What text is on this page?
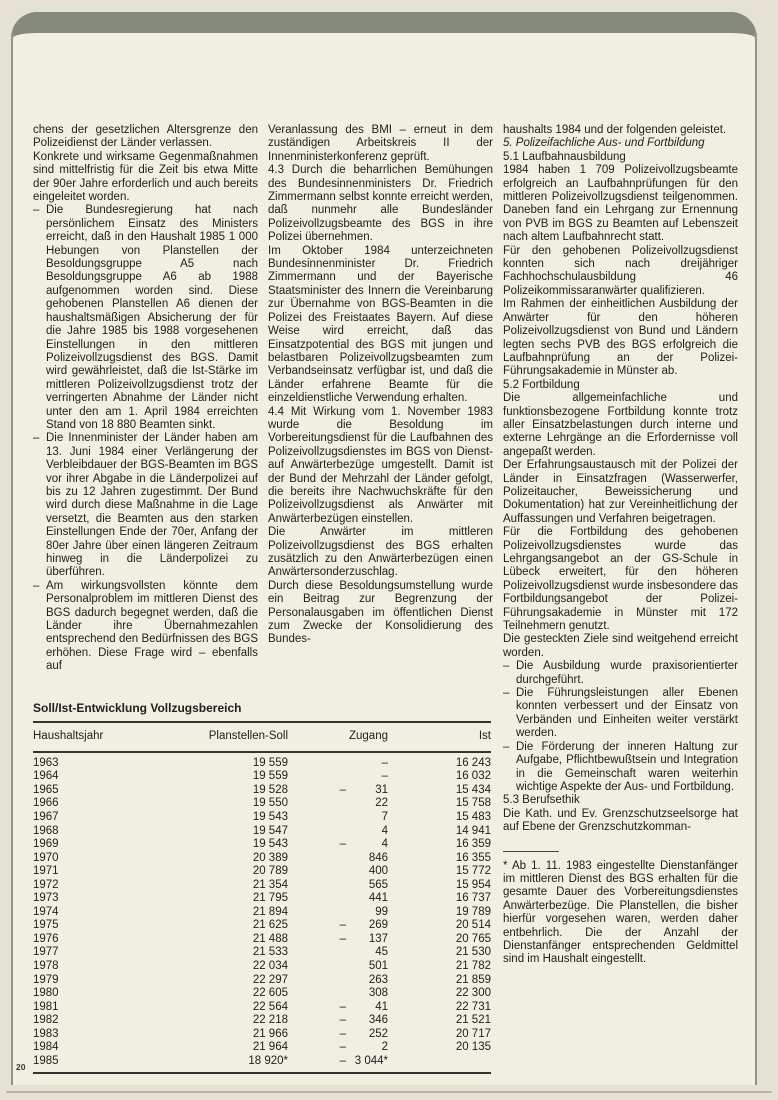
chens der gesetzlichen Altersgrenze den Polizeidienst der Länder verlassen.

Konkrete und wirksame Gegenmaßnahmen sind mittelfristig für die Zeit bis etwa Mitte der 90er Jahre erforderlich und auch bereits eingeleitet worden.

– Die Bundesregierung hat nach persönlichem Einsatz des Ministers erreicht, daß in den Haushalt 1985 1 000 Hebungen von Planstellen der Besoldungsgruppe A5 nach Besoldungsgruppe A6 ab 1988 aufgenommen worden sind. Diese gehobenen Planstellen A6 dienen der haushaltsmäßigen Absicherung der für die Jahre 1985 bis 1988 vorgesehenen Einstellungen in den mittleren Polizeivollzugsdienst des BGS. Damit wird gewährleistet, daß die Ist-Stärke im mittleren Polizeivollzugsdienst trotz der verringerten Abnahme der Länder nicht unter den am 1. April 1984 erreichten Stand von 18 880 Beamten sinkt.
– Die Innenminister der Länder haben am 13. Juni 1984 einer Verlängerung der Verbleibdauer der BGS-Beamten im BGS vor ihrer Abgabe in die Länderpolizei auf bis zu 12 Jahren zugestimmt. Der Bund wird durch diese Maßnahme in die Lage versetzt, die Beamten aus den starken Einstellungen Ende der 70er, Anfang der 80er Jahre über einen längeren Zeitraum hinweg in die Länderpolizei zu überführen.
– Am wirkungsvollsten könnte dem Personalproblem im mittleren Dienst des BGS dadurch begegnet werden, daß die Länder ihre Übernahmezahlen entsprechend den Bedürfnissen des BGS erhöhen. Diese Frage wird – ebenfalls auf

Veranlassung des BMI – erneut in dem zuständigen Arbeitskreis II der Innenministerkonferenz geprüft.

4.3 Durch die beharrlichen Bemühungen des Bundesinnenministers Dr. Friedrich Zimmermann selbst konnte erreicht werden, daß nunmehr alle Bundesländer Polizeivollzugsbeamte des BGS in ihre Polizei übernehmen.

Im Oktober 1984 unterzeichneten Bundesinnenminister Dr. Friedrich Zimmermann und der Bayerische Staatsminister des Innern die Vereinbarung zur Übernahme von BGS-Beamten in die Polizei des Freistaates Bayern. Auf diese Weise wird erreicht, daß das Einsatzpotential des BGS mit jungen und belastbaren Polizeivollzugsbeamten zum Verbandseinsatz verfügbar ist, und daß die Länder erfahrene Beamte für die einzeldienstliche Verwendung erhalten.

4.4 Mit Wirkung vom 1. November 1983 wurde die Besoldung im Vorbereitungsdienst für die Laufbahnen des Polizeivollzugsdienstes im BGS von Dienst- auf Anwärterbezüge umgestellt. Damit ist der Bund der Mehrzahl der Länder gefolgt, die bereits ihre Nachwuchskräfte für den Polizeivollzugsdienst als Anwärter mit Anwärterbezügen einstellen.

Die Anwärter im mittleren Polizeivollzugsdienst des BGS erhalten zusätzlich zu den Anwärterbezügen einen Anwärtersonderzuschlag.

Durch diese Besoldungsumstellung wurde ein Beitrag zur Begrenzung der Personalausgaben im öffentlichen Dienst zum Zwecke der Konsolidierung des Bundes-

Soll/Ist-Entwicklung Vollzugsbereich
Haushaltsjahr	Planstellen-Soll	Zugang	Ist
1963	19 559	–	16 243
1964	19 559	–	16 032
1965	19 528	– 31	15 434
1966	19 550	22	15 758
1967	19 543	7	15 483
1968	19 547	4	14 941
1969	19 543	– 4	16 359
1970	20 389	846	16 355
1971	20 789	400	15 772
1972	21 354	565	15 954
1973	21 795	441	16 737
1974	21 894	99	19 789
1975	21 625	– 269	20 514
1976	21 488	– 137	20 765
1977	21 533	45	21 530
1978	22 034	501	21 782
1979	22 297	263	21 859
1980	22 605	308	22 300
1981	22 564	– 41	22 731
1982	22 218	– 346	21 521
1983	21 966	– 252	20 717
1984	21 964	– 2	20 135
1985	18 920*	– 3 044*	

haushalts 1984 und der folgenden geleistet.

5. Polizeifachliche Aus- und Fortbildung

5.1 Laufbahnausbildung

1984 haben 1 709 Polizeivollzugsbeamte erfolgreich an Laufbahnprüfungen für den mittleren Polizeivollzugsdienst teilgenommen. Daneben fand ein Lehrgang zur Ernennung von PVB im BGS zu Beamten auf Lebenszeit nach altem Laufbahnrecht statt.

Für den gehobenen Polizeivollzugsdienst konnten sich nach dreijähriger Fachhochschulausbildung 46 Polizeikommissaranwärter qualifizieren.

Im Rahmen der einheitlichen Ausbildung der Anwärter für den höheren Polizeivollzugsdienst von Bund und Ländern legten sechs PVB des BGS erfolgreich die Laufbahnprüfung an der Polizei-Führungsakademie in Münster ab.

5.2 Fortbildung

Die allgemeinfachliche und funktionsbezogene Fortbildung konnte trotz aller Einsatzbelastungen durch interne und externe Lehrgänge an die Erfordernisse voll angepaßt werden.

Der Erfahrungsaustausch mit der Polizei der Länder in Einsatzfragen (Wasserwerfer, Polizeitaucher, Beweissicherung und Dokumentation) hat zur Vereinheitlichung der Auffassungen und Verfahren beigetragen.

Für die Fortbildung des gehobenen Polizeivollzugsdienstes wurde das Lehrgangsangebot an der GS-Schule in Lübeck erweitert, für den höheren Polizeivollzugsdienst wurde insbesondere das Fortbildungsangebot der Polizei-Führungsakademie in Münster mit 172 Teilnehmern genutzt.

Die gesteckten Ziele sind weitgehend erreicht worden.

– Die Ausbildung wurde praxisorientierter durchgeführt.
– Die Führungsleistungen aller Ebenen konnten verbessert und der Einsatz von Verbänden und Einheiten weiter verstärkt werden.
– Die Förderung der inneren Haltung zur Aufgabe, Pflichtbewußtsein und Integration in die Gemeinschaft waren weiterhin wichtige Aspekte der Aus- und Fortbildung.

5.3 Berufsethik

Die Kath. und Ev. Grenzschutzseelsorge hat auf Ebene der Grenzschutzkomman-

* Ab 1. 11. 1983 eingestellte Dienstanfänger im mittleren Dienst des BGS erhalten für die gesamte Dauer des Vorbereitungsdienstes Anwärterbezüge. Die Planstellen, die bisher hierfür vorgesehen waren, werden daher entbehrlich. Die der Anzahl der Dienstanfänger entsprechenden Geldmittel sind im Haushalt eingestellt.

20
